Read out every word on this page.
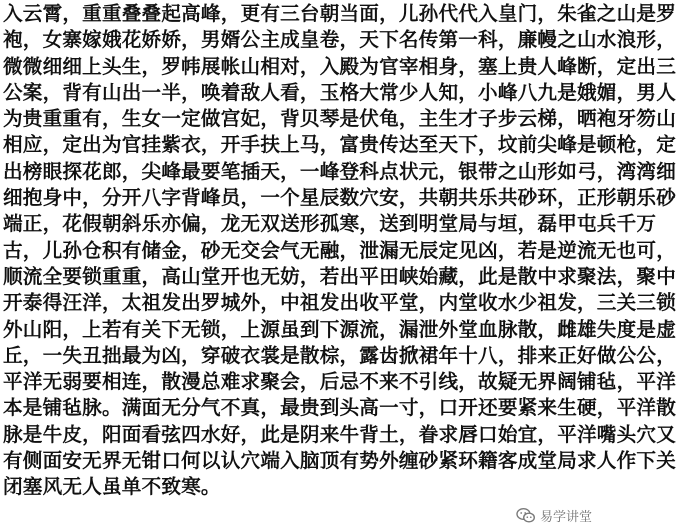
入云霄，重重叠叠起高峰，更有三台朝当面，儿孙代代入皇门，朱雀之山是罗
袍，女寨嫁娥花娇娇，男婿公主成皇卷，天下名传第一科，廉幔之山水浪形，
微微细细上头生，罗帏展帐山相对，入殿为官宰相身，塞上贵人峰断，定出三
公案，背有山出一半，唤着敌人看，玉格大常少人知，小峰八九是娥媚，男人
为贵重重有，生女一定做宫妃，背贝琴是伏龟，主生才子步云梯，晒袍牙笏山
相应，定出为官挂紫衣，开手扶上马，富贵传达至天下，坟前尖峰是顿枪，定
出榜眼探花郎，尖峰最要笔插天，一峰登科点状元，银带之山形如弓，湾湾细
细抱身中，分开八字背峰员，一个星辰数穴安，共朝共乐共砂环，正形朝乐砂
端正，花假朝斜乐亦偏，龙无双送形孤寒，送到明堂局与垣，磊甲屯兵千万
古，儿孙仓积有储金，砂无交会气无融，泄漏无辰定见凶，若是逆流无也可，
顺流全要锁重重，高山堂开也无妨，若出平田峡始藏，此是散中求聚法，聚中
开泰得汪洋，太祖发出罗城外，中祖发出收平堂，内堂收水少祖发，三关三锁
外山阳，上若有关下无锁，上源虽到下源流，漏泄外堂血脉散，雌雄失度是虚
丘，一失丑拙最为凶，穿破衣裳是散棕，露齿掀裙年十八，排来正好做公公，
平洋无弱要相连，散漫总难求聚会，后忌不来不引线，故疑无界阔铺毡，平洋
本是铺毡脉。满面无分气不真，最贵到头高一寸，口开还要紧来生硬，平洋散
脉是牛皮，阳面看弦四水好，此是阴来牛背土，眷求唇口始宜，平洋嘴头穴又
有侧面安无界无钳口何以认穴端入脑顶有势外缠砂紧环籍客成堂局求人作下关
闭塞风无人虽单不致寒。
易学讲堂
